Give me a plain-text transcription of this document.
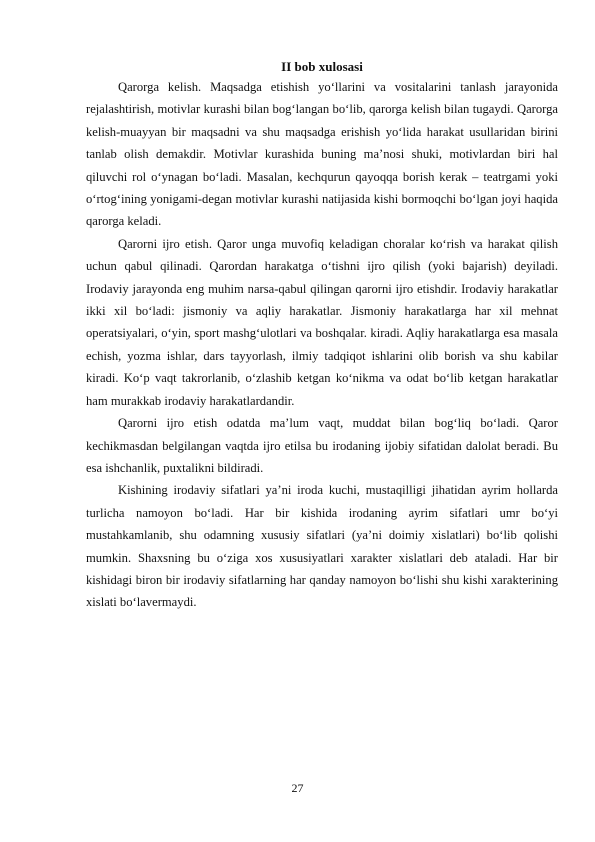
II bob xulosasi

Qarorga kelish. Maqsadga etishish yo‘llarini va vositalarini tanlash jarayonida rejalashtirish, motivlar kurashi bilan bog‘langan bo‘lib, qarorga kelish bilan tugaydi. Qarorga kelish-muayyan bir maqsadni va shu maqsadga erishish yo‘lida harakat usullaridan birini tanlab olish demakdir. Motivlar kurashida buning ma’nosi shuki, motivlardan biri hal qiluvchi rol o‘ynagan bo‘ladi. Masalan, kechqurun qayoqqa borish kerak – teatrgami yoki o‘rtog‘ining yonigami-degan motivlar kurashi natijasida kishi bormoqchi bo‘lgan joyi haqida qarorga keladi.

Qarorni ijro etish. Qaror unga muvofiq keladigan choralar ko‘rish va harakat qilish uchun qabul qilinadi. Qarordan harakatga o‘tishni ijro qilish (yoki bajarish) deyiladi. Irodaviy jarayonda eng muhim narsa-qabul qilingan qarorni ijro etishdir. Irodaviy harakatlar ikki xil bo‘ladi: jismoniy va aqliy harakatlar. Jismoniy harakatlarga har xil mehnat operatsiyalari, o‘yin, sport mashg‘ulotlari va boshqalar. kiradi. Aqliy harakatlarga esa masala echish, yozma ishlar, dars tayyorlash, ilmiy tadqiqot ishlarini olib borish va shu kabilar kiradi. Ko‘p vaqt takrorlanib, o‘zlashib ketgan ko‘nikma va odat bo‘lib ketgan harakatlar ham murakkab irodaviy harakatlardandir.

Qarorni ijro etish odatda ma’lum vaqt, muddat bilan bog‘liq bo‘ladi. Qaror kechikmasdan belgilangan vaqtda ijro etilsa bu irodaning ijobiy sifatidan dalolat beradi. Bu esa ishchanlik, puxtalikni bildiradi.

Kishining irodaviy sifatlari ya’ni iroda kuchi, mustaqilligi jihatidan ayrim hollarda turlicha namoyon bo‘ladi. Har bir kishida irodaning ayrim sifatlari umr bo‘yi mustahkamlanib, shu odamning xususiy sifatlari (ya’ni doimiy xislatlari) bo‘lib qolishi mumkin. Shaxsning bu o‘ziga xos xususiyatlari xarakter xislatlari deb ataladi. Har bir kishidagi biron bir irodaviy sifatlarning har qanday namoyon bo‘lishi shu kishi xarakterining xislati bo‘lavermaydi.

27
